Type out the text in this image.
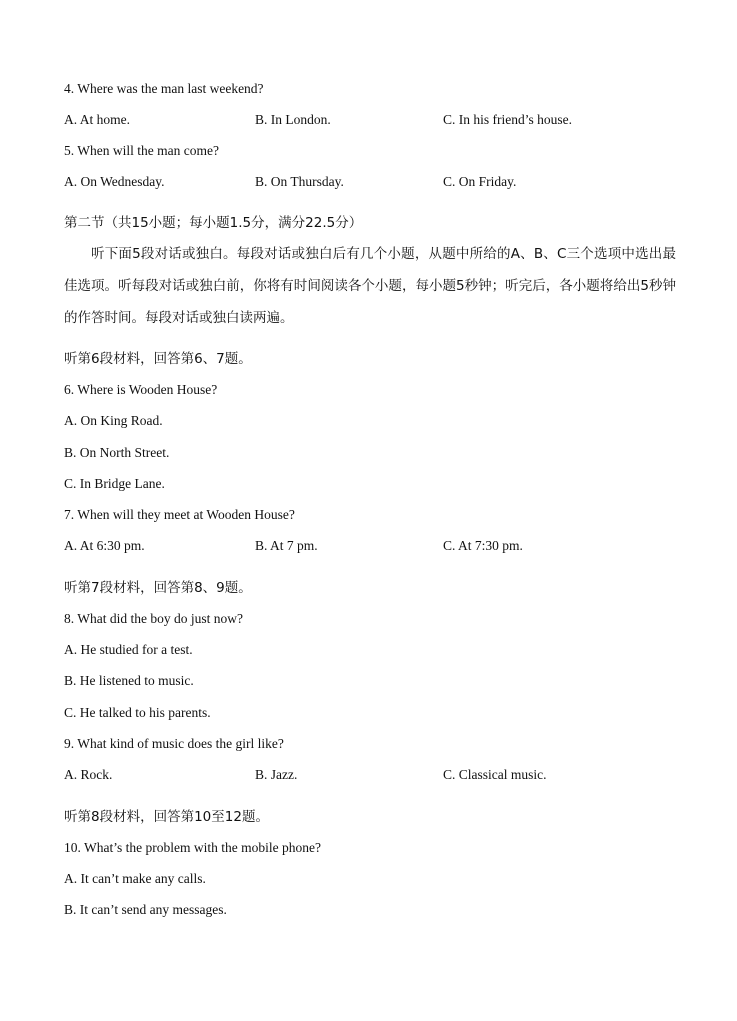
4. Where was the man last weekend?
A. At home.	B. In London.	C. In his friend’s house.
5. When will the man come?
A. On Wednesday.	B. On Thursday.	C. On Friday.
第二节（共15小题；每小题1.5分，满分22.5分）
听下面5段对话或独白。每段对话或独白后有几个小题，从题中所给的A、B、C三个选项中选出最佳选项。听每段对话或独白前，你将有时间阅读各个小题，每小题5秒钟；听完后，各小题将给出5秒钟的作答时间。每段对话或独白读两遍。
听第6段材料，回答第6、7题。
6. Where is Wooden House?
A. On King Road.
B. On North Street.
C. In Bridge Lane.
7. When will they meet at Wooden House?
A. At 6:30 pm.	B. At 7 pm.	C. At 7:30 pm.
听第7段材料，回答第8、9题。
8. What did the boy do just now?
A. He studied for a test.
B. He listened to music.
C. He talked to his parents.
9. What kind of music does the girl like?
A. Rock.	B. Jazz.	C. Classical music.
听第8段材料，回答第10至12题。
10. What’s the problem with the mobile phone?
A. It can’t make any calls.
B. It can’t send any messages.
